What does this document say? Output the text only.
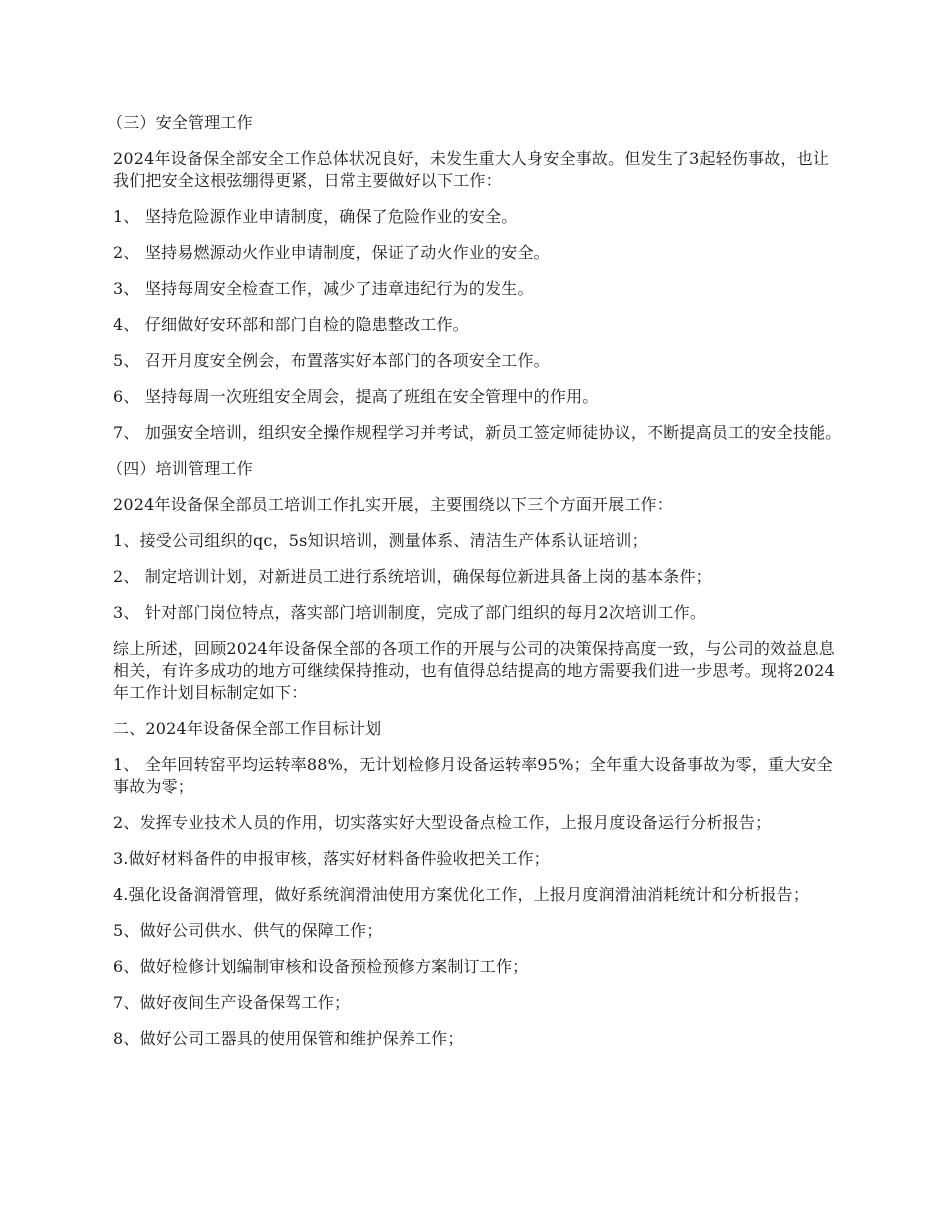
（三）安全管理工作

2024年设备保全部安全工作总体状况良好，未发生重大人身安全事故。但发生了3起轻伤事故，也让我们把安全这根弦绷得更紧，日常主要做好以下工作：

1、 坚持危险源作业申请制度，确保了危险作业的安全。

2、 坚持易燃源动火作业申请制度，保证了动火作业的安全。

3、 坚持每周安全检查工作，减少了违章违纪行为的发生。

4、 仔细做好安环部和部门自检的隐患整改工作。

5、 召开月度安全例会，布置落实好本部门的各项安全工作。

6、 坚持每周一次班组安全周会，提高了班组在安全管理中的作用。

7、 加强安全培训，组织安全操作规程学习并考试，新员工签定师徒协议，不断提高员工的安全技能。

（四）培训管理工作

2024年设备保全部员工培训工作扎实开展，主要围绕以下三个方面开展工作：

1、接受公司组织的qc，5s知识培训，测量体系、清洁生产体系认证培训；

2、 制定培训计划，对新进员工进行系统培训，确保每位新进具备上岗的基本条件；

3、 针对部门岗位特点，落实部门培训制度，完成了部门组织的每月2次培训工作。

综上所述，回顾2024年设备保全部的各项工作的开展与公司的决策保持高度一致，与公司的效益息息相关，有许多成功的地方可继续保持推动，也有值得总结提高的地方需要我们进一步思考。现将2024年工作计划目标制定如下：

二、2024年设备保全部工作目标计划

1、 全年回转窑平均运转率88%，无计划检修月设备运转率95%；全年重大设备事故为零，重大安全事故为零；

2、发挥专业技术人员的作用，切实落实好大型设备点检工作，上报月度设备运行分析报告；

3.做好材料备件的申报审核，落实好材料备件验收把关工作；

4.强化设备润滑管理，做好系统润滑油使用方案优化工作，上报月度润滑油消耗统计和分析报告；

5、做好公司供水、供气的保障工作；

6、做好检修计划编制审核和设备预检预修方案制订工作；

7、做好夜间生产设备保驾工作；

8、做好公司工器具的使用保管和维护保养工作；
